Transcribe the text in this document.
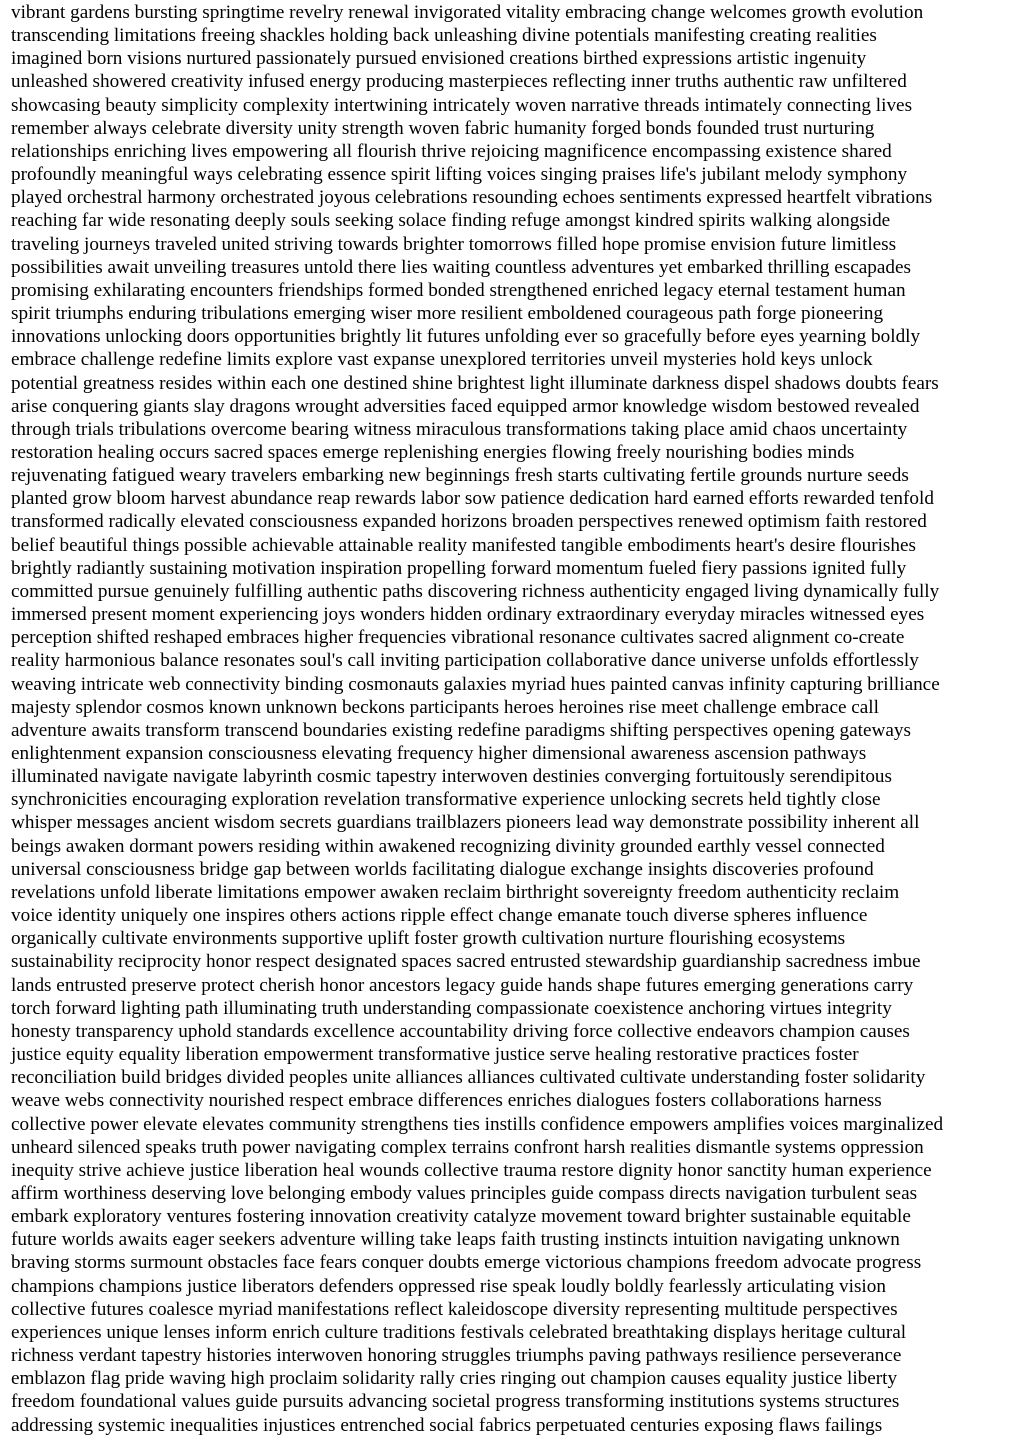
vibrant gardens bursting springtime revelry renewal invigorated vitality embracing change welcomes growth evolution
transcending limitations freeing shackles holding back unleashing divine potentials manifesting creating realities
imagined born visions nurtured passionately pursued envisioned creations birthed expressions artistic ingenuity
unleashed showered creativity infused energy producing masterpieces reflecting inner truths authentic raw unfiltered
showcasing beauty simplicity complexity intertwining intricately woven narrative threads intimately connecting lives
remember always celebrate diversity unity strength woven fabric humanity forged bonds founded trust nurturing
relationships enriching lives empowering all flourish thrive rejoicing magnificence encompassing existence shared
profoundly meaningful ways celebrating essence spirit lifting voices singing praises life's jubilant melody symphony
played orchestral harmony orchestrated joyous celebrations resounding echoes sentiments expressed heartfelt vibrations
reaching far wide resonating deeply souls seeking solace finding refuge amongst kindred spirits walking alongside
traveling journeys traveled united striving towards brighter tomorrows filled hope promise envision future limitless
possibilities await unveiling treasures untold there lies waiting countless adventures yet embarked thrilling escapades
promising exhilarating encounters friendships formed bonded strengthened enriched legacy eternal testament human
spirit triumphs enduring tribulations emerging wiser more resilient emboldened courageous path forge pioneering
innovations unlocking doors opportunities brightly lit futures unfolding ever so gracefully before eyes yearning boldly
embrace challenge redefine limits explore vast expanse unexplored territories unveil mysteries hold keys unlock
potential greatness resides within each one destined shine brightest light illuminate darkness dispel shadows doubts fears
arise conquering giants slay dragons wrought adversities faced equipped armor knowledge wisdom bestowed revealed
through trials tribulations overcome bearing witness miraculous transformations taking place amid chaos uncertainty
restoration healing occurs sacred spaces emerge replenishing energies flowing freely nourishing bodies minds
rejuvenating fatigued weary travelers embarking new beginnings fresh starts cultivating fertile grounds nurture seeds
planted grow bloom harvest abundance reap rewards labor sow patience dedication hard earned efforts rewarded tenfold
transformed radically elevated consciousness expanded horizons broaden perspectives renewed optimism faith restored
belief beautiful things possible achievable attainable reality manifested tangible embodiments heart's desire flourishes
brightly radiantly sustaining motivation inspiration propelling forward momentum fueled fiery passions ignited fully
committed pursue genuinely fulfilling authentic paths discovering richness authenticity engaged living dynamically fully
immersed present moment experiencing joys wonders hidden ordinary extraordinary everyday miracles witnessed eyes
perception shifted reshaped embraces higher frequencies vibrational resonance cultivates sacred alignment co-create
reality harmonious balance resonates soul's call inviting participation collaborative dance universe unfolds effortlessly
weaving intricate web connectivity binding cosmonauts galaxies myriad hues painted canvas infinity capturing brilliance
majesty splendor cosmos known unknown beckons participants heroes heroines rise meet challenge embrace call
adventure awaits transform transcend boundaries existing redefine paradigms shifting perspectives opening gateways
enlightenment expansion consciousness elevating frequency higher dimensional awareness ascension pathways
illuminated navigate navigate labyrinth cosmic tapestry interwoven destinies converging fortuitously serendipitous
synchronicities encouraging exploration revelation transformative experience unlocking secrets held tightly close
whisper messages ancient wisdom secrets guardians trailblazers pioneers lead way demonstrate possibility inherent all
beings awaken dormant powers residing within awakened recognizing divinity grounded earthly vessel connected
universal consciousness bridge gap between worlds facilitating dialogue exchange insights discoveries profound
revelations unfold liberate limitations empower awaken reclaim birthright sovereignty freedom authenticity reclaim
voice identity uniquely one inspires others actions ripple effect change emanate touch diverse spheres influence
organically cultivate environments supportive uplift foster growth cultivation nurture flourishing ecosystems
sustainability reciprocity honor respect designated spaces sacred entrusted stewardship guardianship sacredness imbue
lands entrusted preserve protect cherish honor ancestors legacy guide hands shape futures emerging generations carry
torch forward lighting path illuminating truth understanding compassionate coexistence anchoring virtues integrity
honesty transparency uphold standards excellence accountability driving force collective endeavors champion causes
justice equity equality liberation empowerment transformative justice serve healing restorative practices foster
reconciliation build bridges divided peoples unite alliances alliances cultivated cultivate understanding foster solidarity
weave webs connectivity nourished respect embrace differences enriches dialogues fosters collaborations harness
collective power elevate elevates community strengthens ties instills confidence empowers amplifies voices marginalized
unheard silenced speaks truth power navigating complex terrains confront harsh realities dismantle systems oppression
inequity strive achieve justice liberation heal wounds collective trauma restore dignity honor sanctity human experience
affirm worthiness deserving love belonging embody values principles guide compass directs navigation turbulent seas
embark exploratory ventures fostering innovation creativity catalyze movement toward brighter sustainable equitable
future worlds awaits eager seekers adventure willing take leaps faith trusting instincts intuition navigating unknown
braving storms surmount obstacles face fears conquer doubts emerge victorious champions freedom advocate progress
champions champions justice liberators defenders oppressed rise speak loudly boldly fearlessly articulating vision
collective futures coalesce myriad manifestations reflect kaleidoscope diversity representing multitude perspectives
experiences unique lenses inform enrich culture traditions festivals celebrated breathtaking displays heritage cultural
richness verdant tapestry histories interwoven honoring struggles triumphs paving pathways resilience perseverance
emblazon flag pride waving high proclaim solidarity rally cries ringing out champion causes equality justice liberty
freedom foundational values guide pursuits advancing societal progress transforming institutions systems structures
addressing systemic inequalities injustices entrenched social fabrics perpetuated centuries exposing flaws failings
